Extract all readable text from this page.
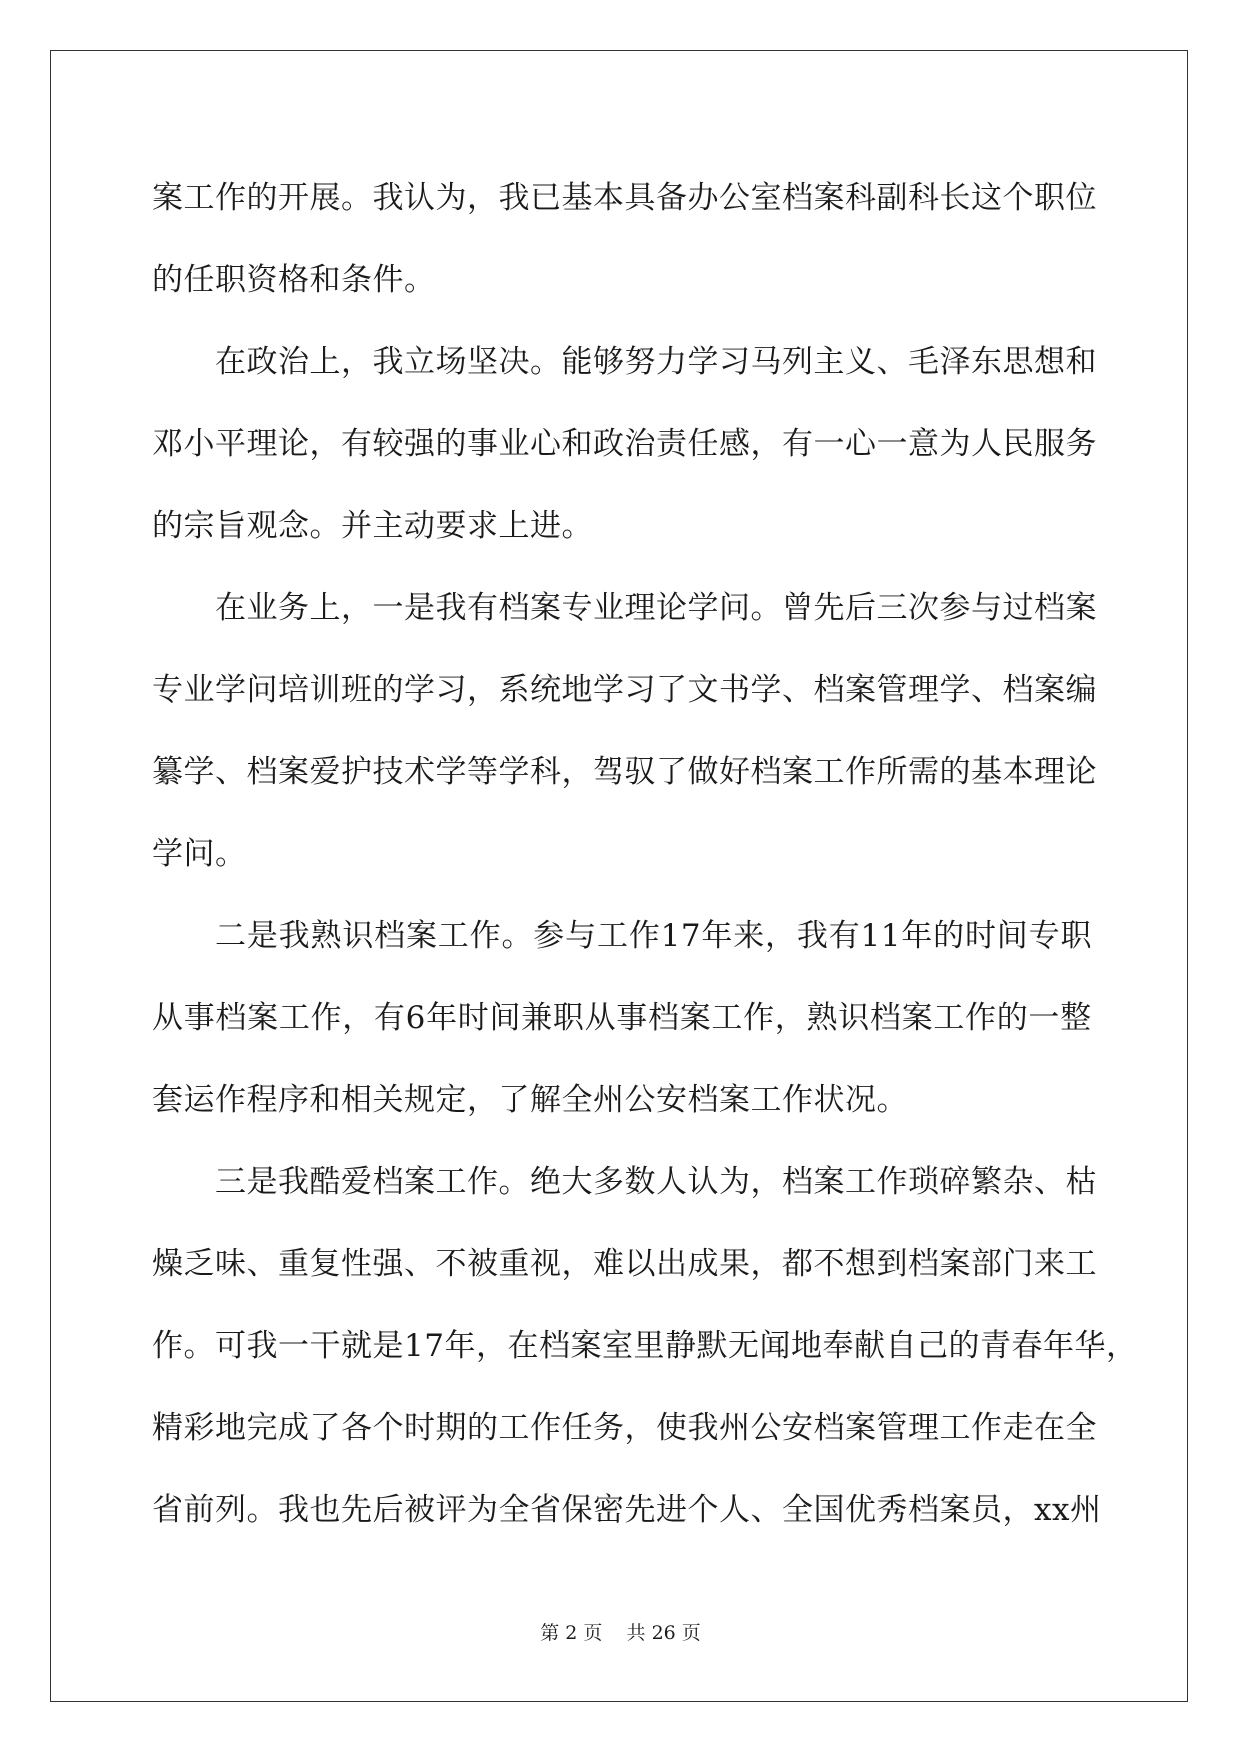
案 工 作 的 开 展 。 我 认 为 ， 我 已 基 本 具 备 办 公 室 档 案 科 副 科 长 这 个 职 位
的任职资格和条件。
在 政 治 上 ， 我 立 场 坚 决 。 能 够 努 力 学 习 马 列 主 义 、 毛 泽 东 思 想 和
邓 小 平 理 论 ， 有 较 强 的 事 业 心 和 政 治 责 任 感 ， 有 一 心 一 意 为 人 民 服 务
的宗旨观念。并主动要求上进。
在 业 务 上 ， 一 是 我 有 档 案 专 业 理 论 学 问 。 曾 先 后 三 次 参 与 过 档 案
专 业 学 问 培 训 班 的 学 习 ， 系 统 地 学 习 了 文 书 学 、 档 案 管 理 学 、 档 案 编
纂 学 、 档 案 爱 护 技 术 学 等 学 科 ， 驾 驭 了 做 好 档 案 工 作 所 需 的 基 本 理 论
学问。
二 是 我 熟 识 档 案 工 作 。 参 与 工 作 17 年 来 ， 我 有 11 年 的 时 间 专 职
从 事 档 案 工 作 ， 有 6 年 时 间 兼 职 从 事 档 案 工 作 ， 熟 识 档 案 工 作 的 一 整
套运作程序和相关规定，了解全州公安档案工作状况。
三 是 我 酷 爱 档 案 工 作 。 绝 大 多 数 人 认 为 ， 档 案 工 作 琐 碎 繁 杂 、 枯
燥 乏 味 、 重 复 性 强 、 不 被 重 视 ， 难 以 出 成 果 ， 都 不 想 到 档 案 部 门 来 工
作 。 可 我 一 干 就 是 17 年 ， 在 档 案 室 里 静 默 无 闻 地 奉 献 自 己 的 青 春 年 华 ，
精 彩 地 完 成 了 各 个 时 期 的 工 作 任 务 ， 使 我 州 公 安 档 案 管 理 工 作 走 在 全
省 前 列 。 我 也 先 后 被 评 为 全 省 保 密 先 进 个 人 、 全 国 优 秀 档 案 员 ， xx 州
第 2 页    共 26 页
